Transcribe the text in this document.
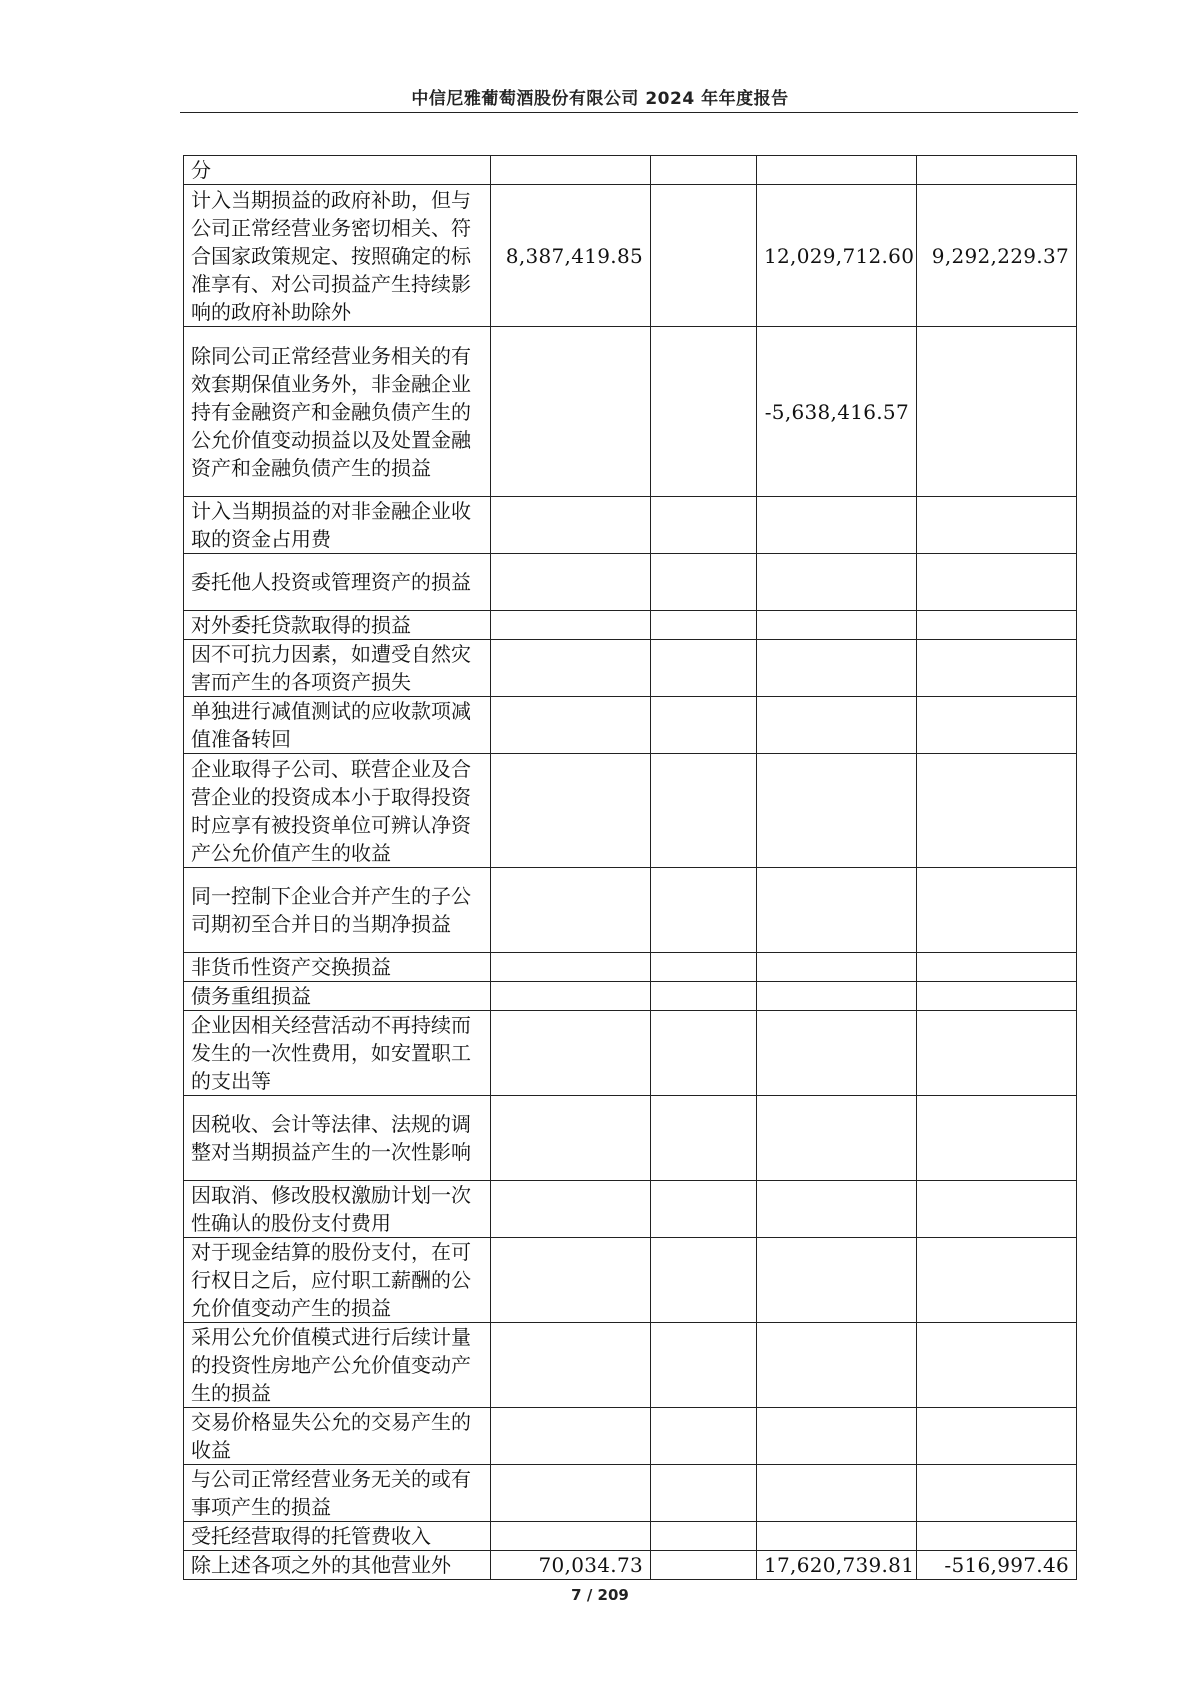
中信尼雅葡萄酒股份有限公司 2024 年年度报告
分				
计入当期损益的政府补助，但与公司正常经营业务密切相关、符合国家政策规定、按照确定的标准享有、对公司损益产生持续影响的政府补助除外	8,387,419.85		12,029,712.60	9,292,229.37
除同公司正常经营业务相关的有效套期保值业务外，非金融企业持有金融资产和金融负债产生的公允价值变动损益以及处置金融资产和金融负债产生的损益			-5,638,416.57	
计入当期损益的对非金融企业收取的资金占用费				
委托他人投资或管理资产的损益				
对外委托贷款取得的损益				
因不可抗力因素，如遭受自然灾害而产生的各项资产损失				
单独进行减值测试的应收款项减值准备转回				
企业取得子公司、联营企业及合营企业的投资成本小于取得投资时应享有被投资单位可辨认净资产公允价值产生的收益				
同一控制下企业合并产生的子公司期初至合并日的当期净损益				
非货币性资产交换损益				
债务重组损益				
企业因相关经营活动不再持续而发生的一次性费用，如安置职工的支出等				
因税收、会计等法律、法规的调整对当期损益产生的一次性影响				
因取消、修改股权激励计划一次性确认的股份支付费用				
对于现金结算的股份支付，在可行权日之后，应付职工薪酬的公允价值变动产生的损益				
采用公允价值模式进行后续计量的投资性房地产公允价值变动产生的损益				
交易价格显失公允的交易产生的收益				
与公司正常经营业务无关的或有事项产生的损益				
受托经营取得的托管费收入				
除上述各项之外的其他营业外	70,034.73		17,620,739.81	-516,997.46
7 / 209
